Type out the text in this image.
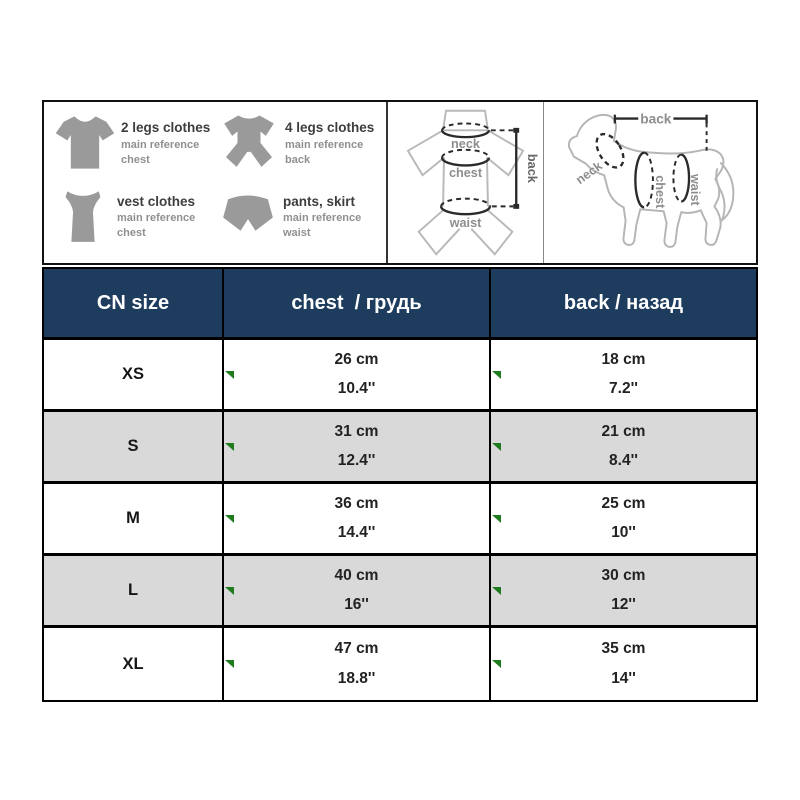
2 legs clothes
main reference chest
4 legs clothes
main reference back
vest clothes
main reference chest
pants, skirt
main reference waist
neck
chest
waist
back
back
neck
chest waist
CN size	chest  / грудь	back / назад
XS
26 cm
10.4''
18 cm
7.2''
S
31 cm
12.4''
21 cm
8.4''
M
36 cm
14.4''
25 cm
10''
L
40 cm
16''
30 cm
12''
XL
47 cm
18.8''
35 cm
14''
